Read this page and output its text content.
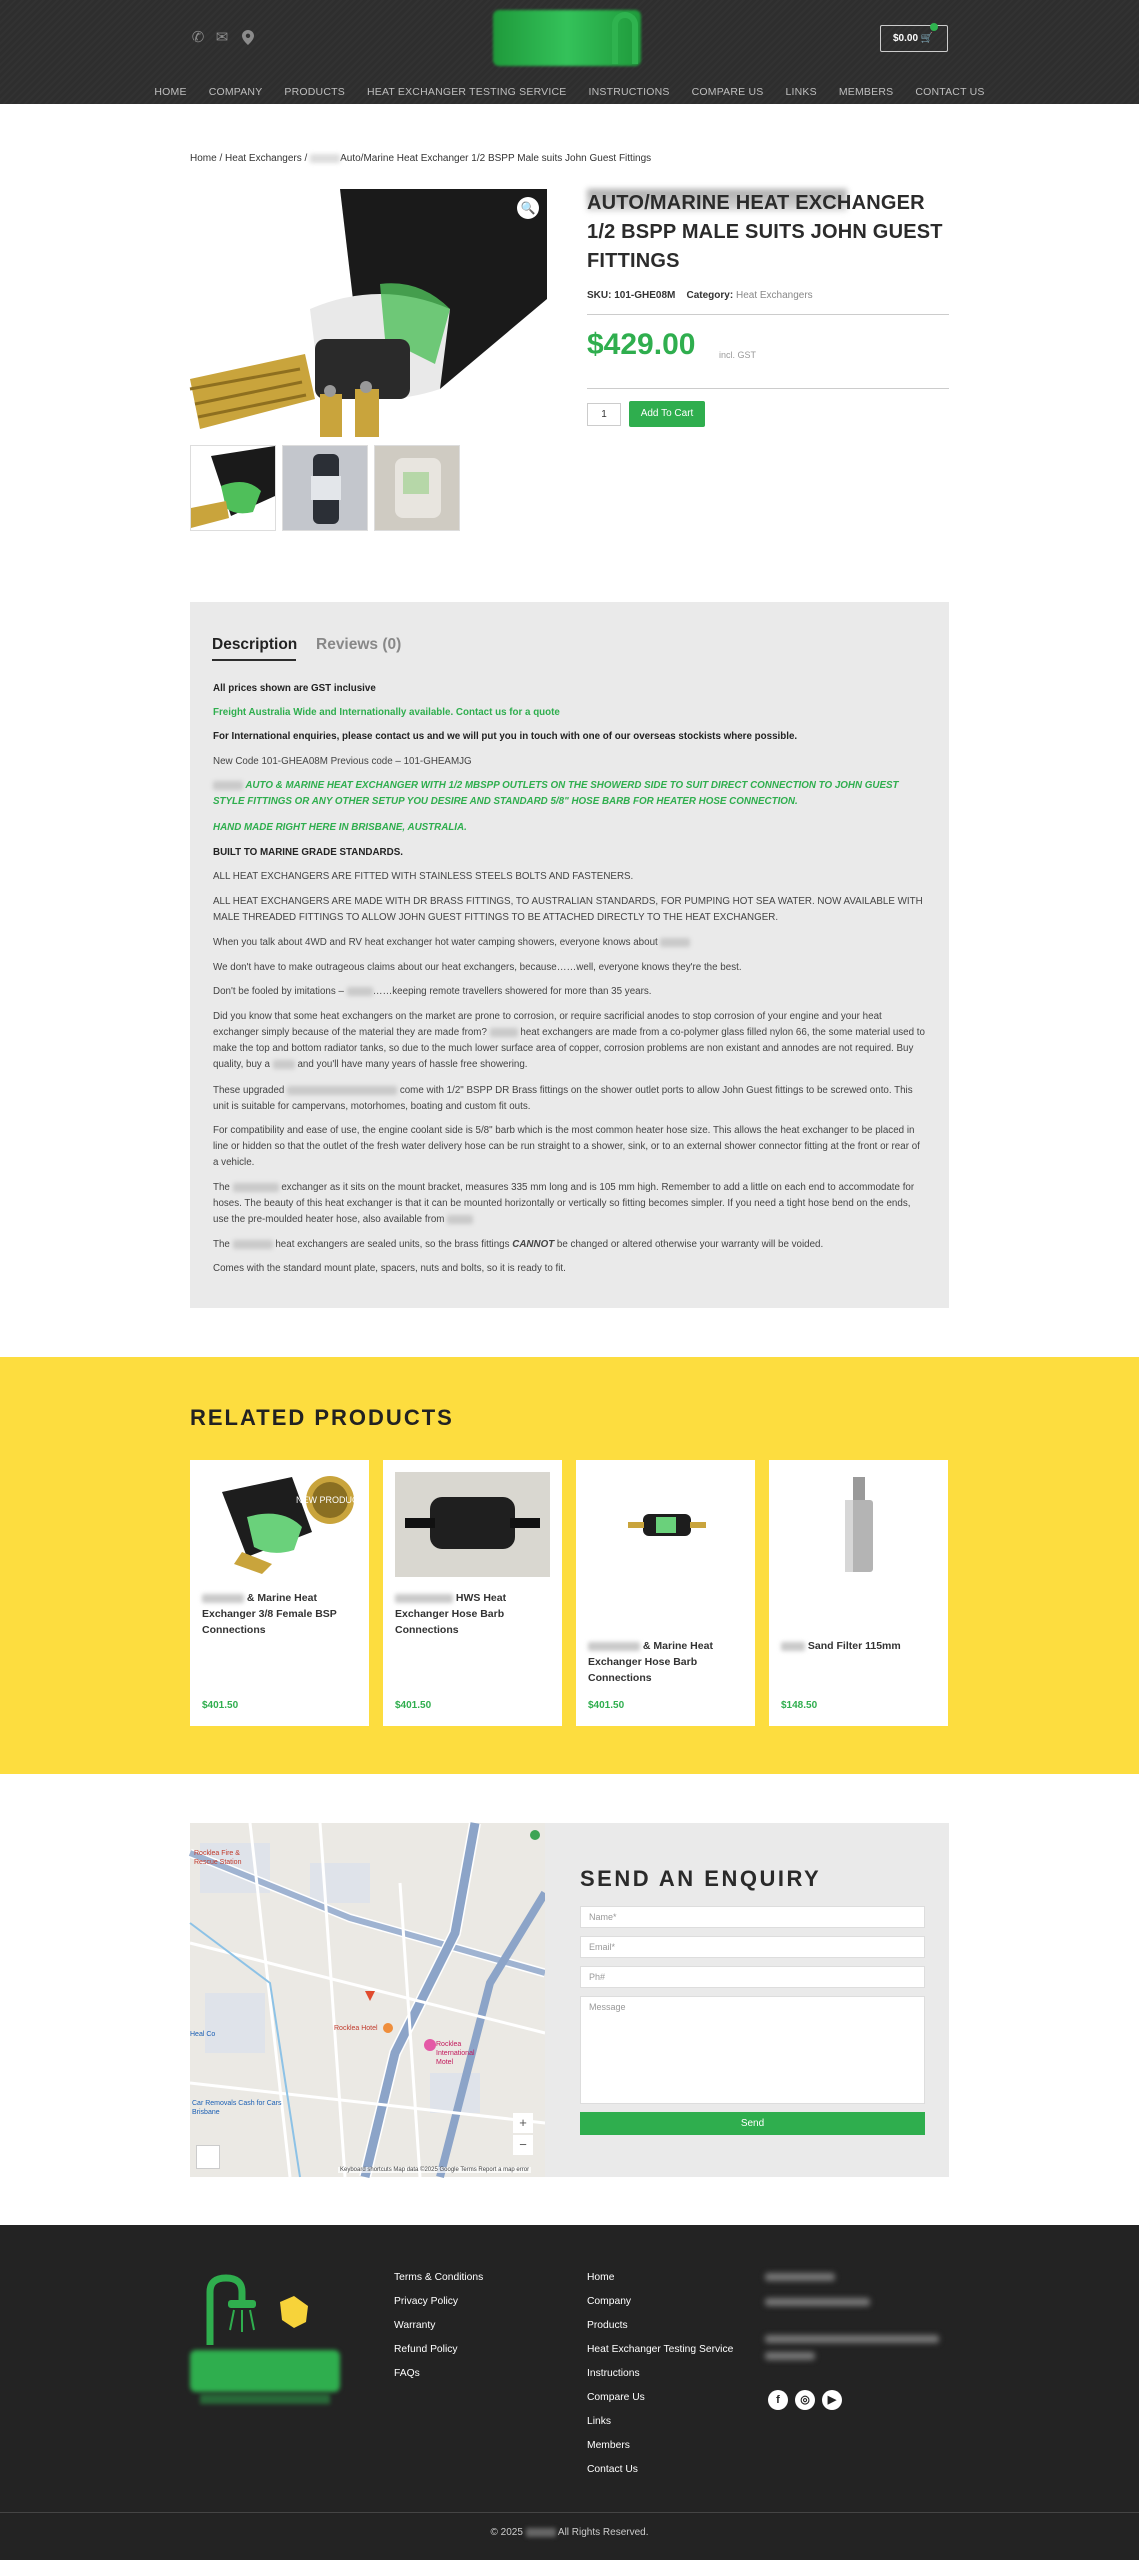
✆ ✉	$0.00 🛒
HOME COMPANY PRODUCTS HEAT EXCHANGER TESTING SERVICE INSTRUCTIONS COMPARE US LINKS MEMBERS CONTACT US
Home / Heat Exchangers /	Auto/Marine Heat Exchanger 1/2 BSPP Male suits John Guest Fittings
🔍	AUTO/MARINE HEAT EXCHANGER 1/2 BSPP MALE SUITS JOHN GUEST FITTINGS
SKU: 101-GHE08M Category: Heat Exchangers
$429.00	incl. GST
1	Add To Cart
Description Reviews (0)
All prices shown are GST inclusive
Freight Australia Wide and Internationally available. Contact us for a quote
For International enquiries, please contact us and we will put you in touch with one of our overseas stockists where possible.
New Code 101-GHEA08M Previous code – 101-GHEAMJG
AUTO & MARINE HEAT EXCHANGER WITH 1/2 MBSPP OUTLETS ON THE SHOWERD SIDE TO SUIT DIRECT CONNECTION TO JOHN GUEST STYLE FITTINGS OR ANY OTHER SETUP YOU DESIRE AND STANDARD 5/8" HOSE BARB FOR HEATER HOSE CONNECTION.
HAND MADE RIGHT HERE IN BRISBANE, AUSTRALIA.
BUILT TO MARINE GRADE STANDARDS.
ALL HEAT EXCHANGERS ARE FITTED WITH STAINLESS STEELS BOLTS AND FASTENERS.
ALL HEAT EXCHANGERS ARE MADE WITH DR BRASS FITTINGS, TO AUSTRALIAN STANDARDS, FOR PUMPING HOT SEA WATER. NOW AVAILABLE WITH MALE THREADED FITTINGS TO ALLOW JOHN GUEST FITTINGS TO BE ATTACHED DIRECTLY TO THE HEAT EXCHANGER.
When you talk about 4WD and RV heat exchanger hot water camping showers, everyone knows about
We don't have to make outrageous claims about our heat exchangers, because……well, everyone knows they're the best.
Don't be fooled by imitations –	……keeping remote travellers showered for more than 35 years.
Did you know that some heat exchangers on the market are prone to corrosion, or require sacrificial anodes to stop corrosion of your engine and your heat exchanger simply because of the material they are made from?	heat exchangers are made from a co-polymer glass filled nylon 66, the some material used to make the top and bottom radiator tanks, so due to the much lower surface area of copper, corrosion problems are non existant and annodes are not required. Buy quality, buy a	and you'll have many years of hassle free showering.
These upgraded	come with 1/2" BSPP DR Brass fittings on the shower outlet ports to allow John Guest fittings to be screwed onto. This unit is suitable for campervans, motorhomes, boating and custom fit outs.
For compatibility and ease of use, the engine coolant side is 5/8" barb which is the most common heater hose size. This allows the heat exchanger to be placed in line or hidden so that the outlet of the fresh water delivery hose can be run straight to a shower, sink, or to an external shower connector fitting at the front or rear of a vehicle.
The	exchanger as it sits on the mount bracket, measures 335 mm long and is 105 mm high. Remember to add a little on each end to accommodate for hoses. The beauty of this heat exchanger is that it can be mounted horizontally or vertically so fitting becomes simpler. If you need a tight hose bend on the ends, use the pre-moulded heater hose, also available from
The	heat exchangers are sealed units, so the brass fittings CANNOT be changed or altered otherwise your warranty will be voided.
Comes with the standard mount plate, spacers, nuts and bolts, so it is ready to fit.
RELATED PRODUCTS
NEW PRODUCT
& Marine Heat Exchanger 3/8 Female BSP Connections
$401.50
HWS Heat Exchanger Hose Barb Connections
$401.50
& Marine Heat Exchanger Hose Barb Connections
$401.50
Sand Filter 115mm
$148.50
Rocklea Fire & Rescue Station
Rocklea Hotel
Rocklea International Motel
Heal Co
Car Removals Cash for Cars Brisbane
+
−
Keyboard shortcuts Map data ©2025 Google Terms Report a map error
SEND AN ENQUIRY
Name*
Email*
Ph#
Message
Send
Terms & Conditions
Privacy Policy
Warranty
Refund Policy
FAQs
Home
Company
Products
Heat Exchanger Testing Service
Instructions
Compare Us
Links
Members
Contact Us
f	◎	▶
© 2025	All Rights Reserved.
